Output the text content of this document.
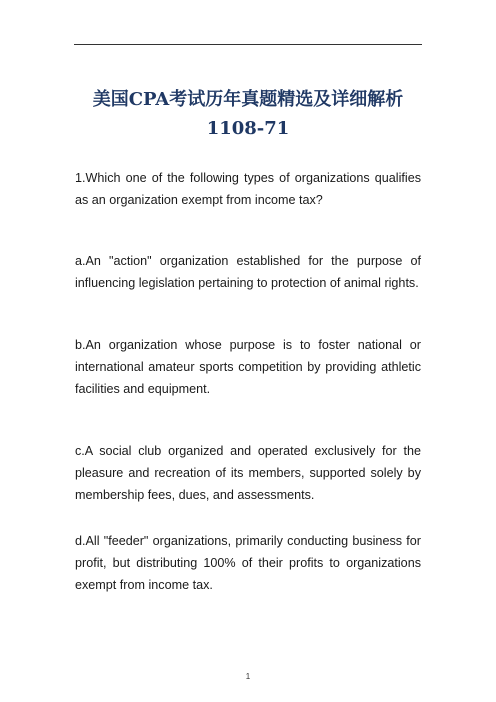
美国CPA考试历年真题精选及详细解析
1108-71

1.Which one of the following types of organizations qualifies as an organization exempt from income tax?

a.An "action" organization established for the purpose of influencing legislation pertaining to protection of animal rights.

b.An organization whose purpose is to foster national or international amateur sports competition by providing athletic facilities and equipment.

c.A social club organized and operated exclusively for the pleasure and recreation of its members, supported solely by membership fees, dues, and assessments.

d.All "feeder" organizations, primarily conducting business for profit, but distributing 100% of their profits to organizations exempt from income tax.

1
